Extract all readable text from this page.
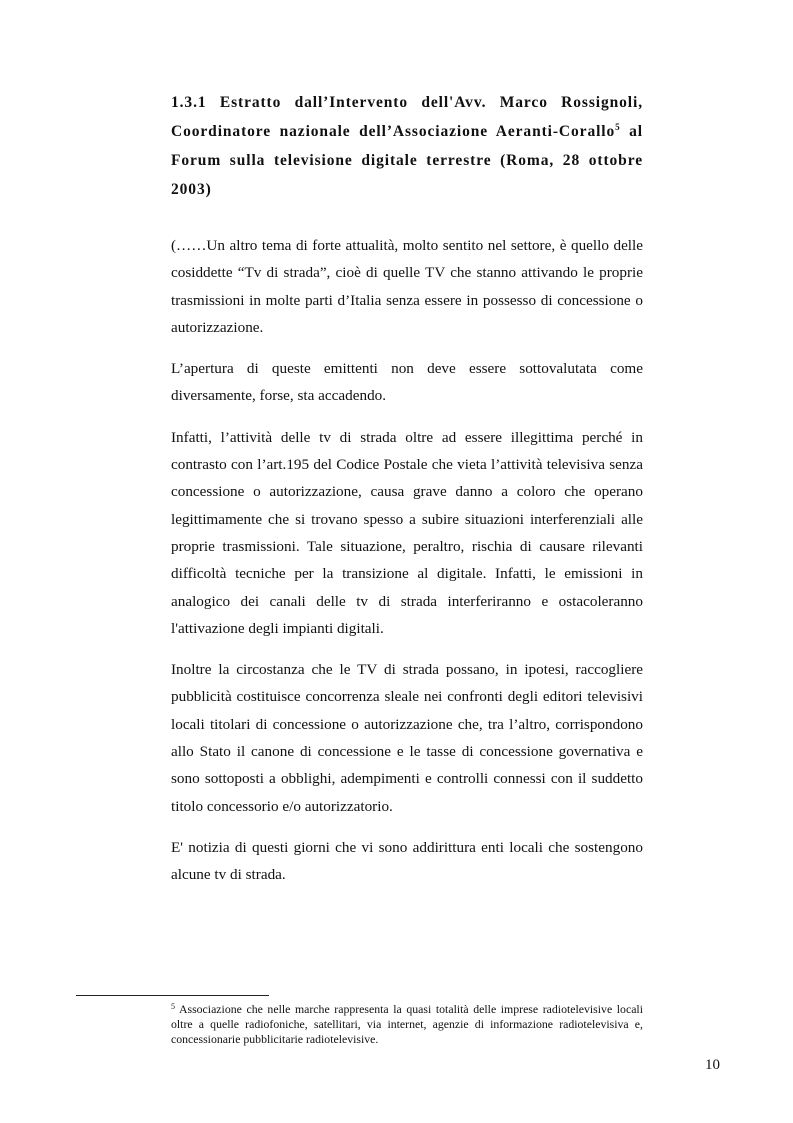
1.3.1 Estratto dall’Intervento dell'Avv. Marco Rossignoli, Coordinatore nazionale dell’Associazione Aeranti-Corallo$^5$ al Forum sulla televisione digitale terrestre (Roma, 28 ottobre 2003)

(……Un altro tema di forte attualità, molto sentito nel settore, è quello delle cosiddette “Tv di strada”, cioè di quelle TV che stanno attivando le proprie trasmissioni in molte parti d’Italia senza essere in possesso di concessione o autorizzazione.

L’apertura di queste emittenti non deve essere sottovalutata come diversamente, forse, sta accadendo.

Infatti, l’attività delle tv di strada oltre ad essere illegittima perché in contrasto con l’art.195 del Codice Postale che vieta l’attività televisiva senza concessione o autorizzazione, causa grave danno a coloro che operano legittimamente che si trovano spesso a subire situazioni interferenziali alle proprie trasmissioni. Tale situazione, peraltro, rischia di causare rilevanti difficoltà tecniche per la transizione al digitale. Infatti, le emissioni in analogico dei canali delle tv di strada interferiranno e ostacoleranno l'attivazione degli impianti digitali.

Inoltre la circostanza che le TV di strada possano, in ipotesi, raccogliere pubblicità costituisce concorrenza sleale nei confronti degli editori televisivi locali titolari di concessione o autorizzazione che, tra l’altro, corrispondono allo Stato il canone di concessione e le tasse di concessione governativa e sono sottoposti a obblighi, adempimenti e controlli connessi con il suddetto titolo concessorio e/o autorizzatorio.

E' notizia di questi giorni che vi sono addirittura enti locali che sostengono alcune tv di strada.

$^5$ Associazione che nelle marche rappresenta la quasi totalità delle imprese radiotelevisive locali oltre a quelle radiofoniche, satellitari, via internet, agenzie di informazione radiotelevisiva e, concessionarie pubblicitarie radiotelevisive.

10
